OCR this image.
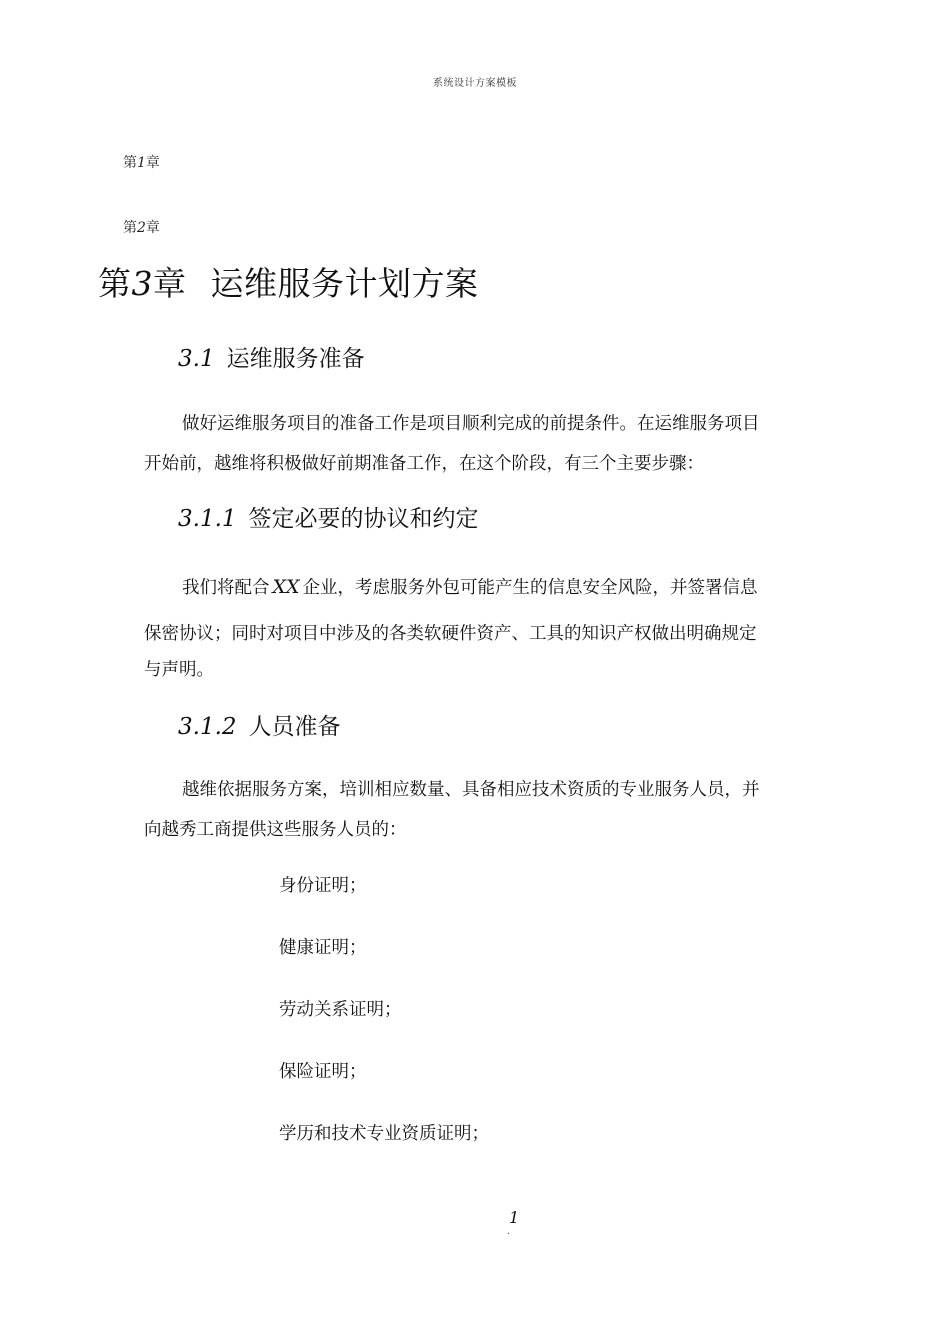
系统设计方案模板
第1章
第2章
第3章 运维服务计划方案
3.1 运维服务准备
做好运维服务项目的准备工作是项目顺利完成的前提条件。在运维服务项目
开始前，越维将积极做好前期准备工作，在这个阶段，有三个主要步骤：
3.1.1 签定必要的协议和约定
我们将配合 XX 企业，考虑服务外包可能产生的信息安全风险，并签署信息
保密协议；同时对项目中涉及的各类软硬件资产、工具的知识产权做出明确规定
与声明。
3.1.2 人员准备
越维依据服务方案，培训相应数量、具备相应技术资质的专业服务人员，并
向越秀工商提供这些服务人员的：
身份证明；
健康证明；
劳动关系证明；
保险证明；
学历和技术专业资质证明；
1
.
